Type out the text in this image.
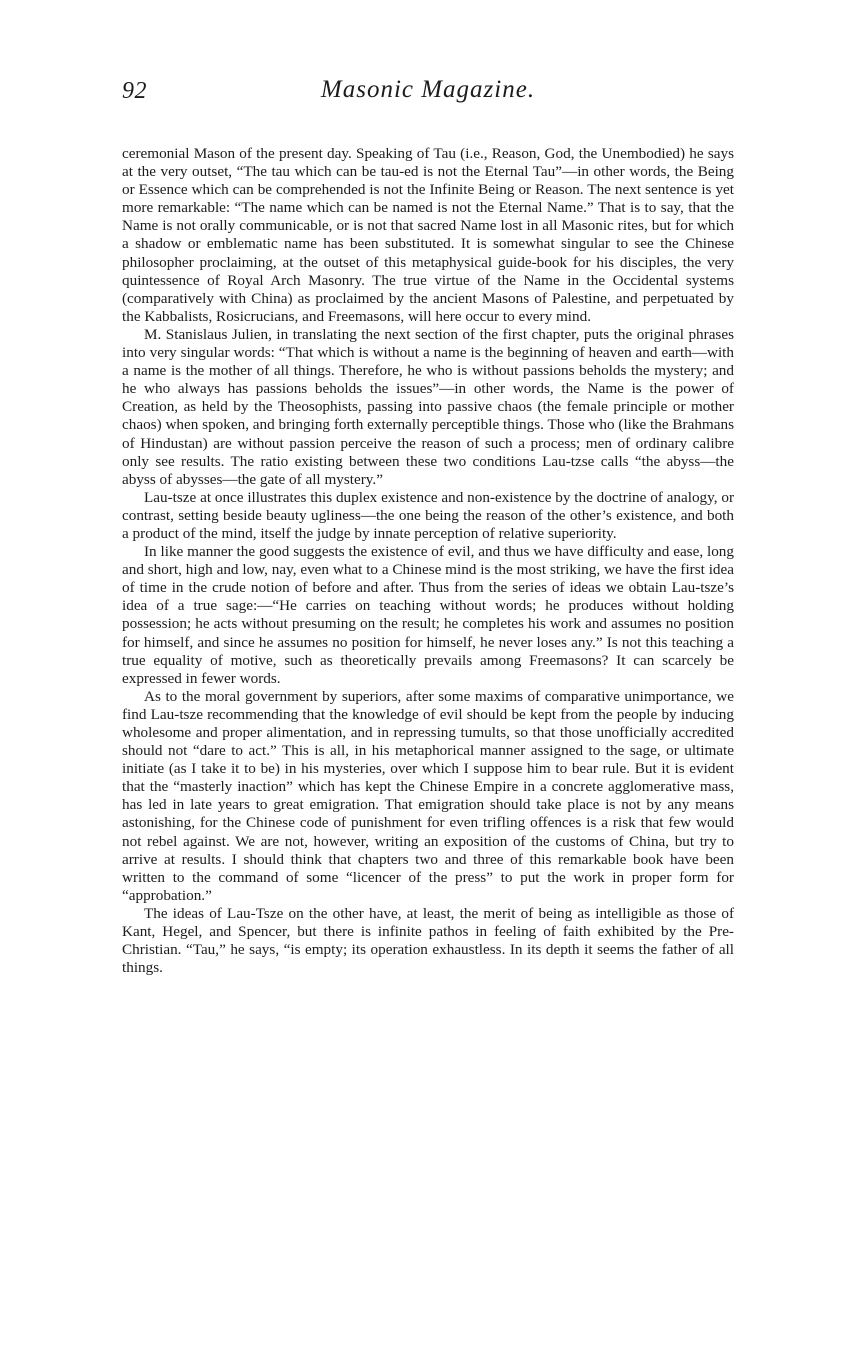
92	Masonic Magazine.

ceremonial Mason of the present day. Speaking of Tau (i.e., Reason, God, the Unembodied) he says at the very outset, “The tau which can be tau-ed is not the Eternal Tau”—in other words, the Being or Essence which can be comprehended is not the Infinite Being or Reason. The next sentence is yet more remarkable: “The name which can be named is not the Eternal Name.” That is to say, that the Name is not orally communicable, or is not that sacred Name lost in all Masonic rites, but for which a shadow or emblematic name has been substituted. It is somewhat singular to see the Chinese philosopher proclaiming, at the outset of this metaphysical guide-book for his disciples, the very quintessence of Royal Arch Masonry. The true virtue of the Name in the Occidental systems (comparatively with China) as proclaimed by the ancient Masons of Palestine, and perpetuated by the Kabbalists, Rosicrucians, and Freemasons, will here occur to every mind.

M. Stanislaus Julien, in translating the next section of the first chapter, puts the original phrases into very singular words: “That which is without a name is the beginning of heaven and earth—with a name is the mother of all things. Therefore, he who is without passions beholds the mystery; and he who always has passions beholds the issues”—in other words, the Name is the power of Creation, as held by the Theosophists, passing into passive chaos (the female principle or mother chaos) when spoken, and bringing forth externally perceptible things. Those who (like the Brahmans of Hindustan) are without passion perceive the reason of such a process; men of ordinary calibre only see results. The ratio existing between these two conditions Lau-tzse calls “the abyss—the abyss of abysses—the gate of all mystery.”

Lau-tsze at once illustrates this duplex existence and non-existence by the doctrine of analogy, or contrast, setting beside beauty ugliness—the one being the reason of the other’s existence, and both a product of the mind, itself the judge by innate perception of relative superiority.

In like manner the good suggests the existence of evil, and thus we have difficulty and ease, long and short, high and low, nay, even what to a Chinese mind is the most striking, we have the first idea of time in the crude notion of before and after. Thus from the series of ideas we obtain Lau-tsze’s idea of a true sage:—“He carries on teaching without words; he produces without holding possession; he acts without presuming on the result; he completes his work and assumes no position for himself, and since he assumes no position for himself, he never loses any.” Is not this teaching a true equality of motive, such as theoretically prevails among Freemasons? It can scarcely be expressed in fewer words.

As to the moral government by superiors, after some maxims of comparative unimportance, we find Lau-tsze recommending that the knowledge of evil should be kept from the people by inducing wholesome and proper alimentation, and in repressing tumults, so that those unofficially accredited should not “dare to act.” This is all, in his metaphorical manner assigned to the sage, or ultimate initiate (as I take it to be) in his mysteries, over which I suppose him to bear rule. But it is evident that the “masterly inaction” which has kept the Chinese Empire in a concrete agglomerative mass, has led in late years to great emigration. That emigration should take place is not by any means astonishing, for the Chinese code of punishment for even trifling offences is a risk that few would not rebel against. We are not, however, writing an exposition of the customs of China, but try to arrive at results. I should think that chapters two and three of this remarkable book have been written to the command of some “licencer of the press” to put the work in proper form for “approbation.”

The ideas of Lau-Tsze on the other have, at least, the merit of being as intelligible as those of Kant, Hegel, and Spencer, but there is infinite pathos in feeling of faith exhibited by the Pre-Christian. “Tau,” he says, “is empty; its operation exhaustless. In its depth it seems the father of all things.
